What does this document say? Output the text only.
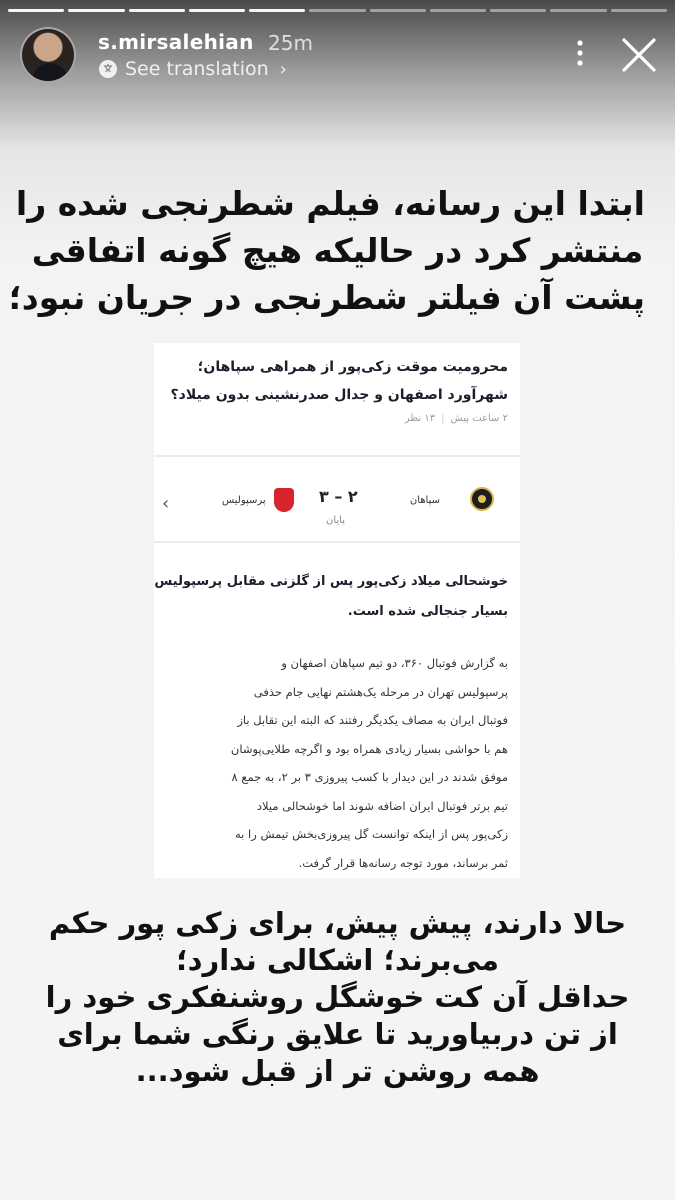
s.mirsalehian 25m
See translation ›
ابتدا این رسانه، فیلم شطرنجی شده را
منتشر کرد در حالیکه هیچ گونه اتفاقی
پشت آن فیلتر شطرنجی در جریان نبود؛
محرومیت موقت زکی‌پور از همراهی سپاهان؛
شهرآورد اصفهان و جدال صدرنشینی بدون میلاد؟
۲ ساعت پیش|۱۳ نظر
سپاهان
۳ – ۲
پایان
پرسپولیس
‹
خوشحالی میلاد زکی‌پور پس از گلزنی مقابل پرسپولیس
بسیار جنجالی شده است.
به گزارش فوتبال ۳۶۰، دو تیم سپاهان اصفهان و
پرسپولیس تهران در مرحله یک‌هشتم نهایی جام حذفی
فوتبال ایران به مصاف یکدیگر رفتند که البته این تقابل باز
هم با حواشی بسیار زیادی همراه بود و اگرچه طلایی‌پوشان
موفق شدند در این دیدار با کسب پیروزی ۳ بر ۲، به جمع ۸
تیم برتر فوتبال ایران اضافه شوند اما خوشحالی میلاد
زکی‌پور پس از اینکه توانست گل پیروزی‌بخش تیمش را به
ثمر برساند، مورد توجه رسانه‌ها قرار گرفت.
حالا دارند، پیش پیش، برای زکی پور حکم
می‌برند؛ اشکالی ندارد؛
حداقل آن کت خوشگل روشنفکری خود را
از تن دربیاورید تا علایق رنگی شما برای
همه روشن تر از قبل شود...
